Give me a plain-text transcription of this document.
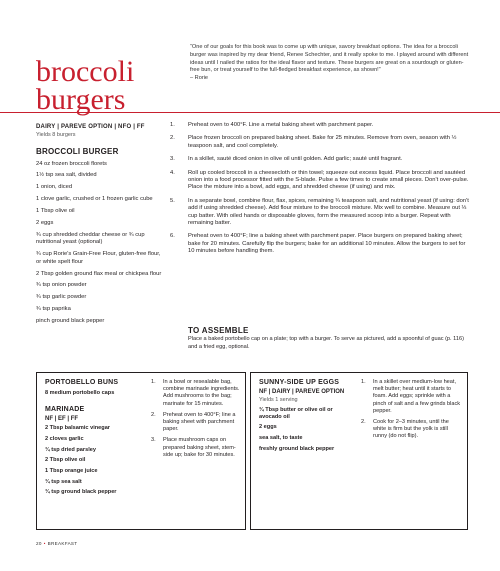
broccoli
burgers

“One of our goals for this book was to come up with unique, savory breakfast options. The idea for a broccoli burger was inspired by my dear friend, Renee Schechter, and it really spoke to me. I played around with different ideas until I nailed the ratios for the ideal flavor and texture. These burgers are great on a sourdough or gluten-free bun, or treat yourself to the full-fledged breakfast experience, as shown!”

– Rorie

DAIRY | PAREVE OPTION | NFO | FF
Yields 8 burgers
BROCCOLI BURGER
24 oz frozen broccoli florets
1½ tsp sea salt, divided
1 onion, diced
1 clove garlic, crushed or 1 frozen garlic cube
1 Tbsp olive oil
2 eggs
¾ cup shredded cheddar cheese or ¾ cup nutritional yeast (optional)
¾ cup Rorie's Grain-Free Flour, gluten-free flour, or white spelt flour
2 Tbsp golden ground flax meal or chickpea flour
¾ tsp onion powder
¾ tsp garlic powder
¾ tsp paprika
pinch ground black pepper
1.	Preheat oven to 400°F. Line a metal baking sheet with parchment paper.
2.	Place frozen broccoli on prepared baking sheet. Bake for 25 minutes. Remove from oven, season with ½ teaspoon salt, and cool completely.
3.	In a skillet, sauté diced onion in olive oil until golden. Add garlic; sauté until fragrant.
4.	Roll up cooled broccoli in a cheesecloth or thin towel; squeeze out excess liquid. Place broccoli and sautéed onion into a food processor fitted with the S-blade. Pulse a few times to create small pieces. Don't over-pulse. Place the mixture into a bowl, add eggs, and shredded cheese (if using) and mix.
5.	In a separate bowl, combine flour, flax, spices, remaining ¾ teaspoon salt, and nutritional yeast (if using: don't add if using shredded cheese). Add flour mixture to the broccoli mixture. Mix well to combine. Measure out ⅓ cup batter. With oiled hands or disposable gloves, form the measured scoop into a burger. Repeat with remaining batter.
6.	Preheat oven to 400°F; line a baking sheet with parchment paper. Place burgers on prepared baking sheet; bake for 20 minutes. Carefully flip the burgers; bake for an additional 10 minutes. Allow the burgers to set for 10 minutes before handling them.
TO ASSEMBLE
Place a baked portobello cap on a plate; top with a burger. To serve as pictured, add a spoonful of guac (p. 116) and a fried egg, optional.
PORTOBELLO BUNS
8 medium portobello caps
MARINADE
NF | EF | FF
2 Tbsp balsamic vinegar
2 cloves garlic
¾ tsp dried parsley
2 Tbsp olive oil
1 Tbsp orange juice
¾ tsp sea salt
¾ tsp ground black pepper
1.	In a bowl or resealable bag, combine marinade ingredients. Add mushrooms to the bag; marinate for 15 minutes.
2.	Preheat oven to 400°F; line a baking sheet with parchment paper.
3.	Place mushroom caps on prepared baking sheet, stem-side up; bake for 30 minutes.
SUNNY-SIDE UP EGGS
NF | DAIRY | PAREVE OPTION
Yields 1 serving
¾ Tbsp butter or olive oil or avocado oil
2 eggs
sea salt, to taste
freshly ground black pepper
1.	In a skillet over medium-low heat, melt butter; heat until it starts to foam. Add eggs; sprinkle with a pinch of salt and a few grinds black pepper.
2.	Cook for 2–3 minutes, until the white is firm but the yolk is still runny (do not flip).
20 • BREAKFAST
